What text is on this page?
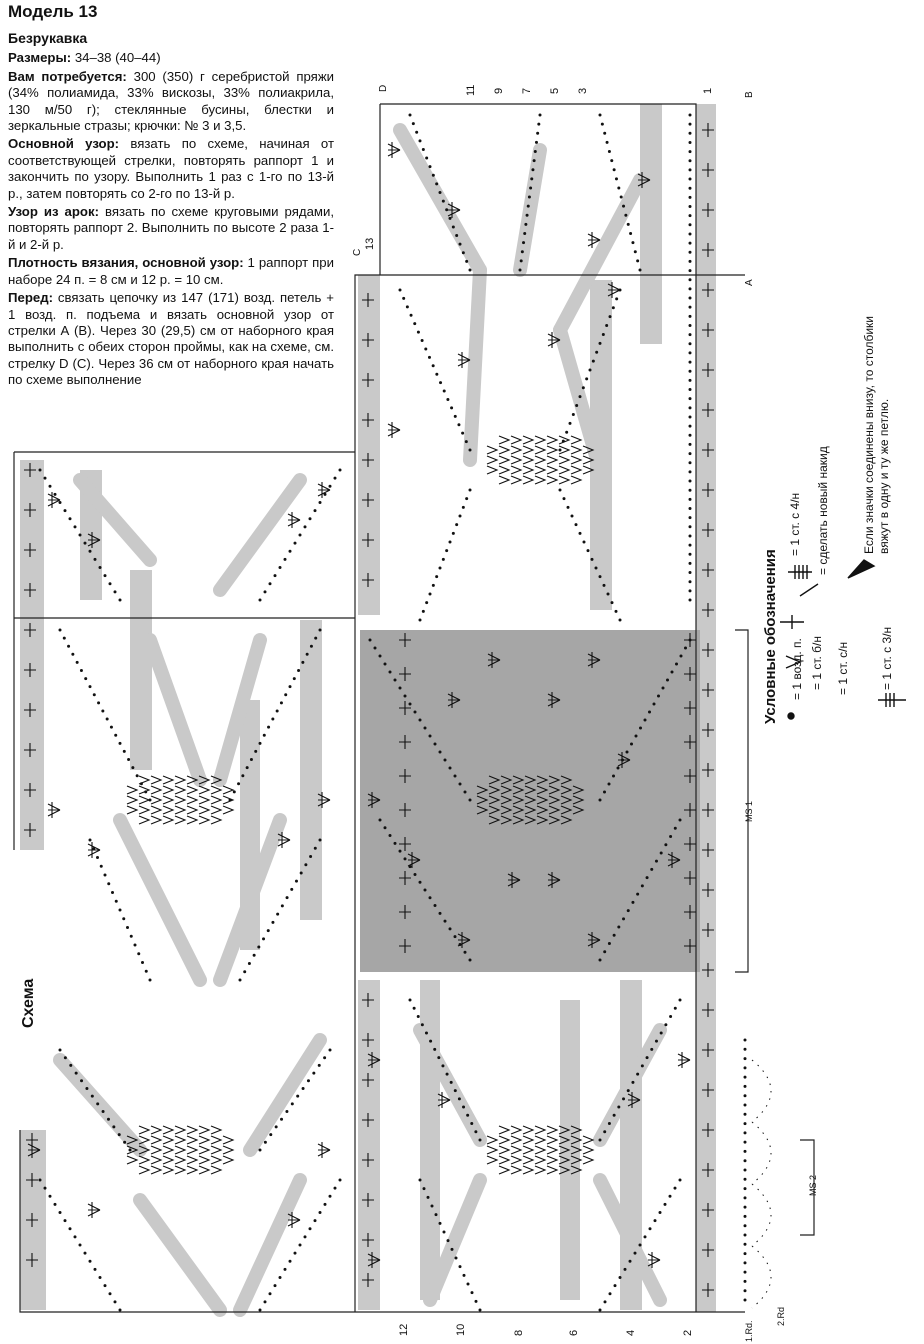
Модель 13
Безрукавка
Размеры: 34–38 (40–44)
Вам потребуется: 300 (350) г серебристой пряжи (34% полиамида, 33% вискозы, 33% полиакрила, 130 м/50 г); стеклянные бусины, блестки и зеркальные стразы; крючки: № 3 и 3,5.
Основной узор: вязать по схеме, начиная от соответствующей стрелки, повторять раппорт 1 и закончить по узору. Выполнить 1 раз с 1-го по 13-й р., затем повторять со 2-го по 13-й р.
Узор из арок: вязать по схеме круговыми рядами, повторять раппорт 2. Выполнить по высоте 2 раза 1-й и 2-й р.
Плотность вязания, основной узор: 1 раппорт при наборе 24 п. = 8 см и 12 р. = 10 см.
Перед: связать цепочку из 147 (171) возд. петель + 1 возд. п. подъема и вязать основной узор от стрелки А (В). Через 30 (29,5) см от наборного края выполнить с обеих сторон проймы, как на схеме, см. стрелку D (C). Через 36 см от наборного края начать по схеме выполнение
Схема
Условные обозначения = 1 возд. п. = 1 ст. б/н = 1 ст. с/н	= 1 ст. с 3/н
= 1 ст. с 4/н = сделать новый накид	Если значки соединены внизу, то столбики вяжут в одну и ту же петлю.
D
B
C
A
13
MS 1
MS 2
1.Rd.
2.Rd
11 9 7 5 3	1
12	10	8	6	4	2
